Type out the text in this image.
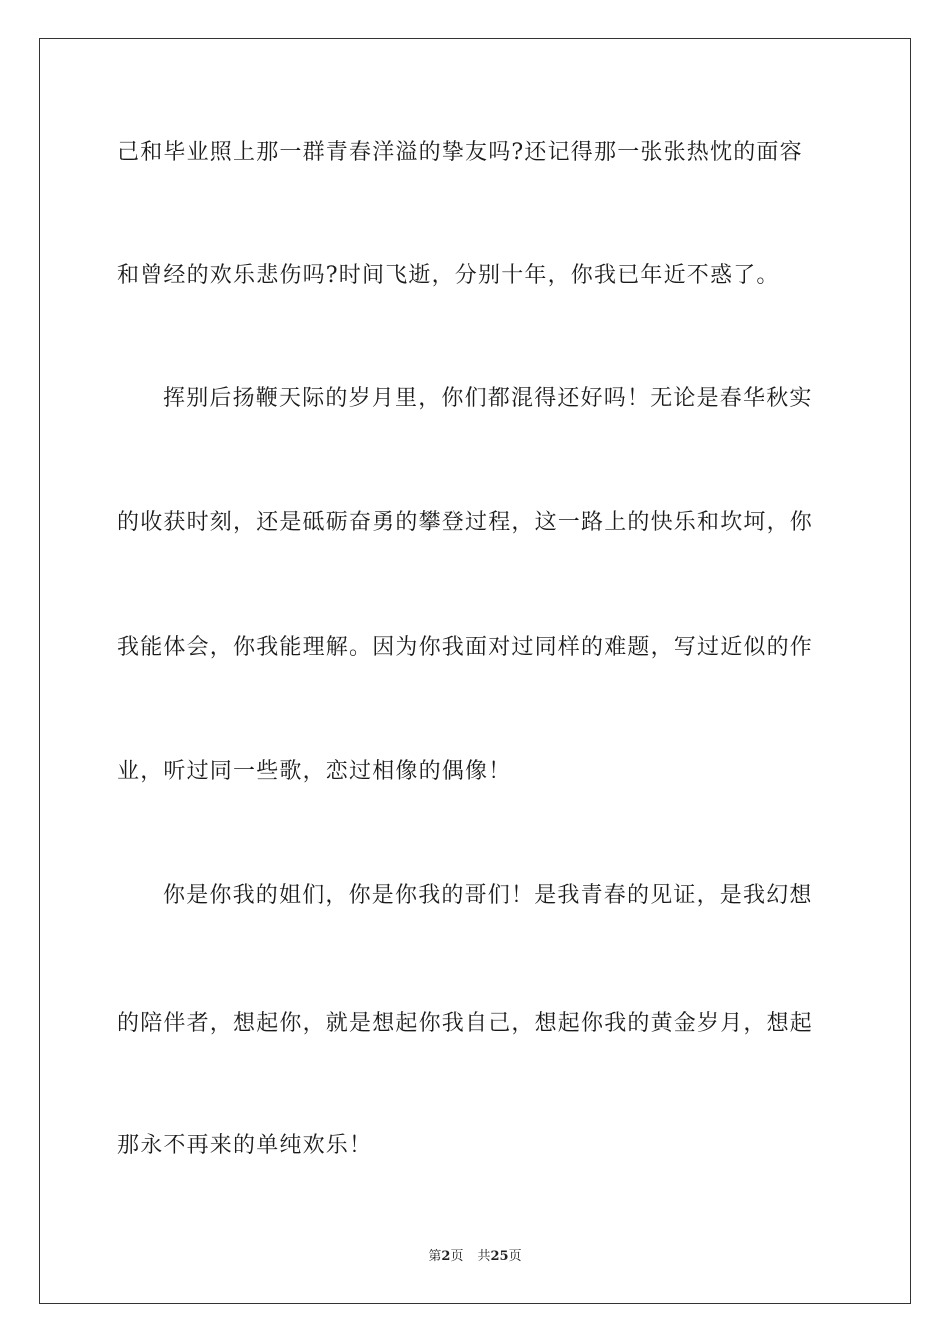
己和毕业照上那一群青春洋溢的挚友吗?还记得那一张张热忱的面容
和曾经的欢乐悲伤吗?时间飞逝，分别十年，你我已年近不惑了。
挥别后扬鞭天际的岁月里，你们都混得还好吗！无论是春华秋实
的收获时刻，还是砥砺奋勇的攀登过程，这一路上的快乐和坎坷，你
我能体会，你我能理解。因为你我面对过同样的难题，写过近似的作
业，听过同一些歌，恋过相像的偶像！
你是你我的姐们，你是你我的哥们！是我青春的见证，是我幻想
的陪伴者，想起你，就是想起你我自己，想起你我的黄金岁月，想起
那永不再来的单纯欢乐！
第2页 共25页
